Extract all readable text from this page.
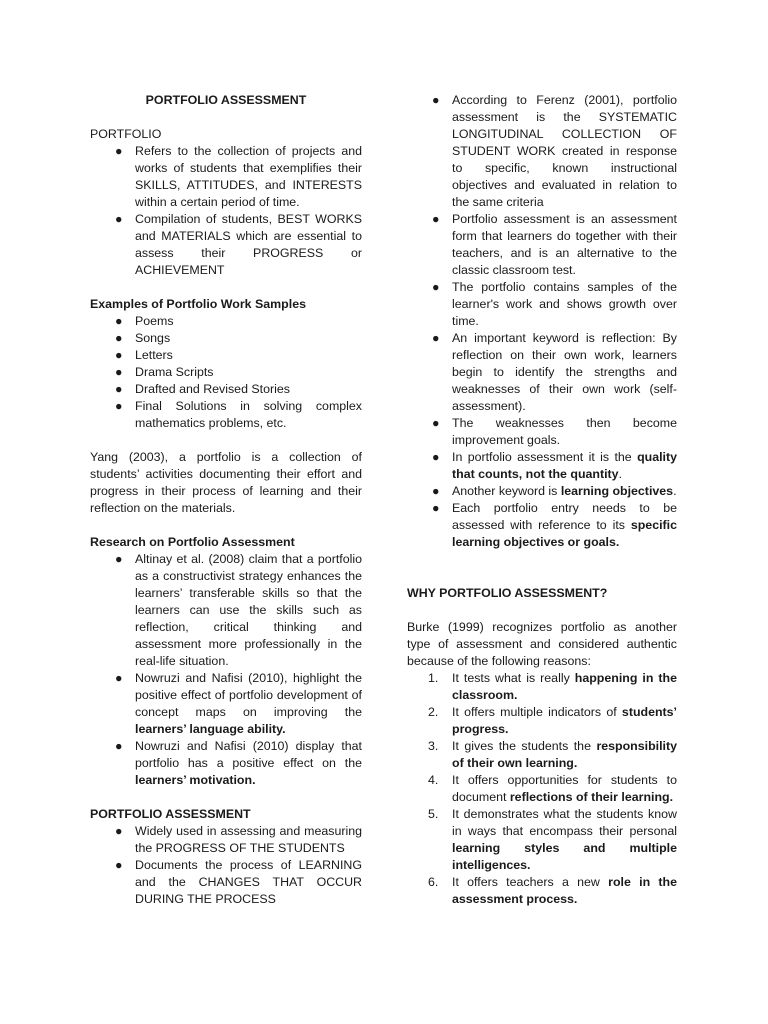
PORTFOLIO ASSESSMENT

PORTFOLIO

●	Refers to the collection of projects and works of students that exemplifies their SKILLS, ATTITUDES, and INTERESTS within a certain period of time.
●	Compilation of students, BEST WORKS and MATERIALS which are essential to assess their PROGRESS or ACHIEVEMENT

Examples of Portfolio Work Samples

●	Poems
●	Songs
●	Letters
●	Drama Scripts
●	Drafted and Revised Stories
●	Final Solutions in solving complex mathematics problems, etc.

Yang (2003), a portfolio is a collection of students’ activities documenting their effort and progress in their process of learning and their reflection on the materials.

Research on Portfolio Assessment

●	Altinay et al. (2008) claim that a portfolio as a constructivist strategy enhances the learners’ transferable skills so that the learners can use the skills such as reflection, critical thinking and assessment more professionally in the real-life situation.
●	Nowruzi and Nafisi (2010), highlight the positive effect of portfolio development of concept maps on improving the learners’ language ability.
●	Nowruzi and Nafisi (2010) display that portfolio has a positive effect on the learners’ motivation.

PORTFOLIO ASSESSMENT

●	Widely used in assessing and measuring the PROGRESS OF THE STUDENTS
●	Documents the process of LEARNING and the CHANGES THAT OCCUR DURING THE PROCESS
●	According to Ferenz (2001), portfolio assessment is the SYSTEMATIC LONGITUDINAL COLLECTION OF STUDENT WORK created in response to specific, known instructional objectives and evaluated in relation to the same criteria
●	Portfolio assessment is an assessment form that learners do together with their teachers, and is an alternative to the classic classroom test.
●	The portfolio contains samples of the learner's work and shows growth over time.
●	An important keyword is reflection: By reflection on their own work, learners begin to identify the strengths and weaknesses of their own work (self-assessment).
●	The weaknesses then become improvement goals.
●	In portfolio assessment it is the quality that counts, not the quantity.
●	Another keyword is learning objectives.
●	Each portfolio entry needs to be assessed with reference to its specific learning objectives or goals.

WHY PORTFOLIO ASSESSMENT?

Burke (1999) recognizes portfolio as another type of assessment and considered authentic because of the following reasons:

1.	It tests what is really happening in the classroom.
2.	It offers multiple indicators of students’ progress.
3.	It gives the students the responsibility of their own learning.
4.	It offers opportunities for students to document reflections of their learning.
5.	It demonstrates what the students know in ways that encompass their personal learning styles and multiple intelligences.
6.	It offers teachers a new role in the assessment process.
